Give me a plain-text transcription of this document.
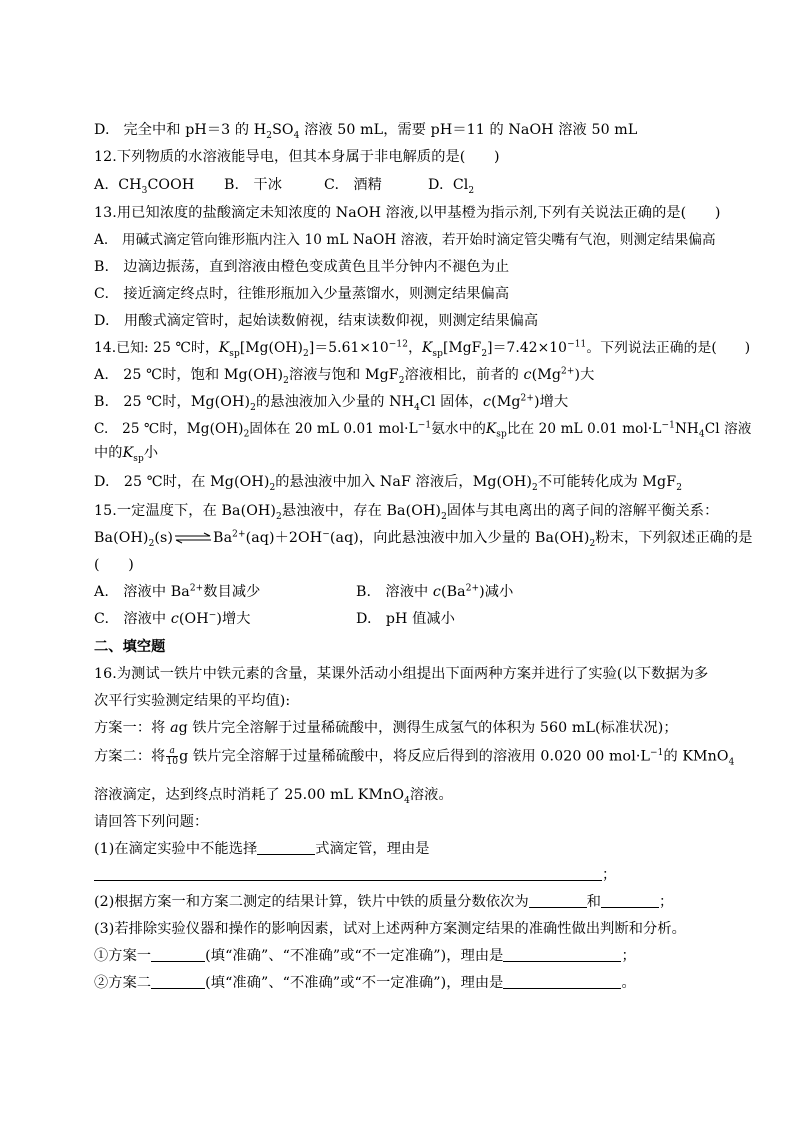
D. 完全中和 pH＝3 的 $H_2SO_4$ 溶液 50 mL，需要 pH＝11 的 NaOH 溶液 50 mL
12.下列物质的水溶液能导电，但其本身属于非电解质的是(　　)
A. $CH_3COOH$ B.　干冰	C.　酒精	D. $Cl_2$
13.用已知浓度的盐酸滴定未知浓度的 NaOH 溶液,以甲基橙为指示剂,下列有关说法正确的是(　　)
A.　用碱式滴定管向锥形瓶内注入 10 mL NaOH 溶液，若开始时滴定管尖嘴有气泡，则测定结果偏高
B.　边滴边振荡，直到溶液由橙色变成黄色且半分钟内不褪色为止
C.　接近滴定终点时，往锥形瓶加入少量蒸馏水，则测定结果偏高
D.　用酸式滴定管时，起始读数俯视，结束读数仰视，则测定结果偏高
14.已知: 25 ℃时，$K_{sp}[Mg(OH)_2]=5.61\times 10^{-12}$，$K_{sp}[MgF_2]=7.42\times 10^{-11}$。下列说法正确的是(　　)
A.　25 ℃时，饱和 $Mg(OH)_2$溶液与饱和 MgF$_2$溶液相比，前者的 $c(Mg^{2+})$大
B.　25 ℃时，$Mg(OH)_2$的悬浊液加入少量的 $NH_4Cl$ 固体，$c(Mg^{2+})$增大
C.　25 ℃时，$Mg(OH)_2$固体在 20 mL 0.01 $mol\cdot L^{-1}$氨水中的$K_{sp}$比在 20 mL 0.01 $mol\cdot L^{-1}NH_4Cl$ 溶液
中的$K_{sp}$小
D.　25 ℃时，在 $Mg(OH)_2$的悬浊液中加入 NaF 溶液后，$Mg(OH)_2$不可能转化成为 MgF$_2$
15.一定温度下，在 $Ba(OH)_2$悬浊液中，存在 $Ba(OH)_2$固体与其电离出的离子间的溶解平衡关系：
$Ba(OH)_2(s)\rightleftharpoons Ba^{2+}(aq)+2OH^-(aq)$，向此悬浊液中加入少量的 $Ba(OH)_2$粉末，下列叙述正确的是
(　　)
A.　溶液中 $Ba^{2+}$数目减少	B.　溶液中 $c(Ba^{2+})$减小
C.　溶液中 c(OH−)增大	D.　pH 值减小
二、填空题
16.为测试一铁片中铁元素的含量，某课外活动小组提出下面两种方案并进行了实验(以下数据为多
次平行实验测定结果的平均值):
方案一：将 ag 铁片完全溶解于过量稀硫酸中，测得生成氢气的体积为 560 mL(标准状况)；
方案二：将 $\frac{a}{10}$ g 铁片完全溶解于过量稀硫酸中，将反应后得到的溶液用 0.020 00 $mol\cdot L^{-1}$的 KMnO$_4$
溶液滴定，达到终点时消耗了 25.00 mL KMnO$_4$溶液。
请回答下列问题：
(1)在滴定实验中不能选择	式滴定管，理由是
；
(2)根据方案一和方案二测定的结果计算，铁片中铁的质量分数依次为	和	；
(3)若排除实验仪器和操作的影响因素，试对上述两种方案测定结果的准确性做出判断和分析。
①方案一	(填“准确”、“不准确”或“不一定准确”)，理由是	；
②方案二	(填“准确”、“不准确”或“不一定准确”)，理由是	。
